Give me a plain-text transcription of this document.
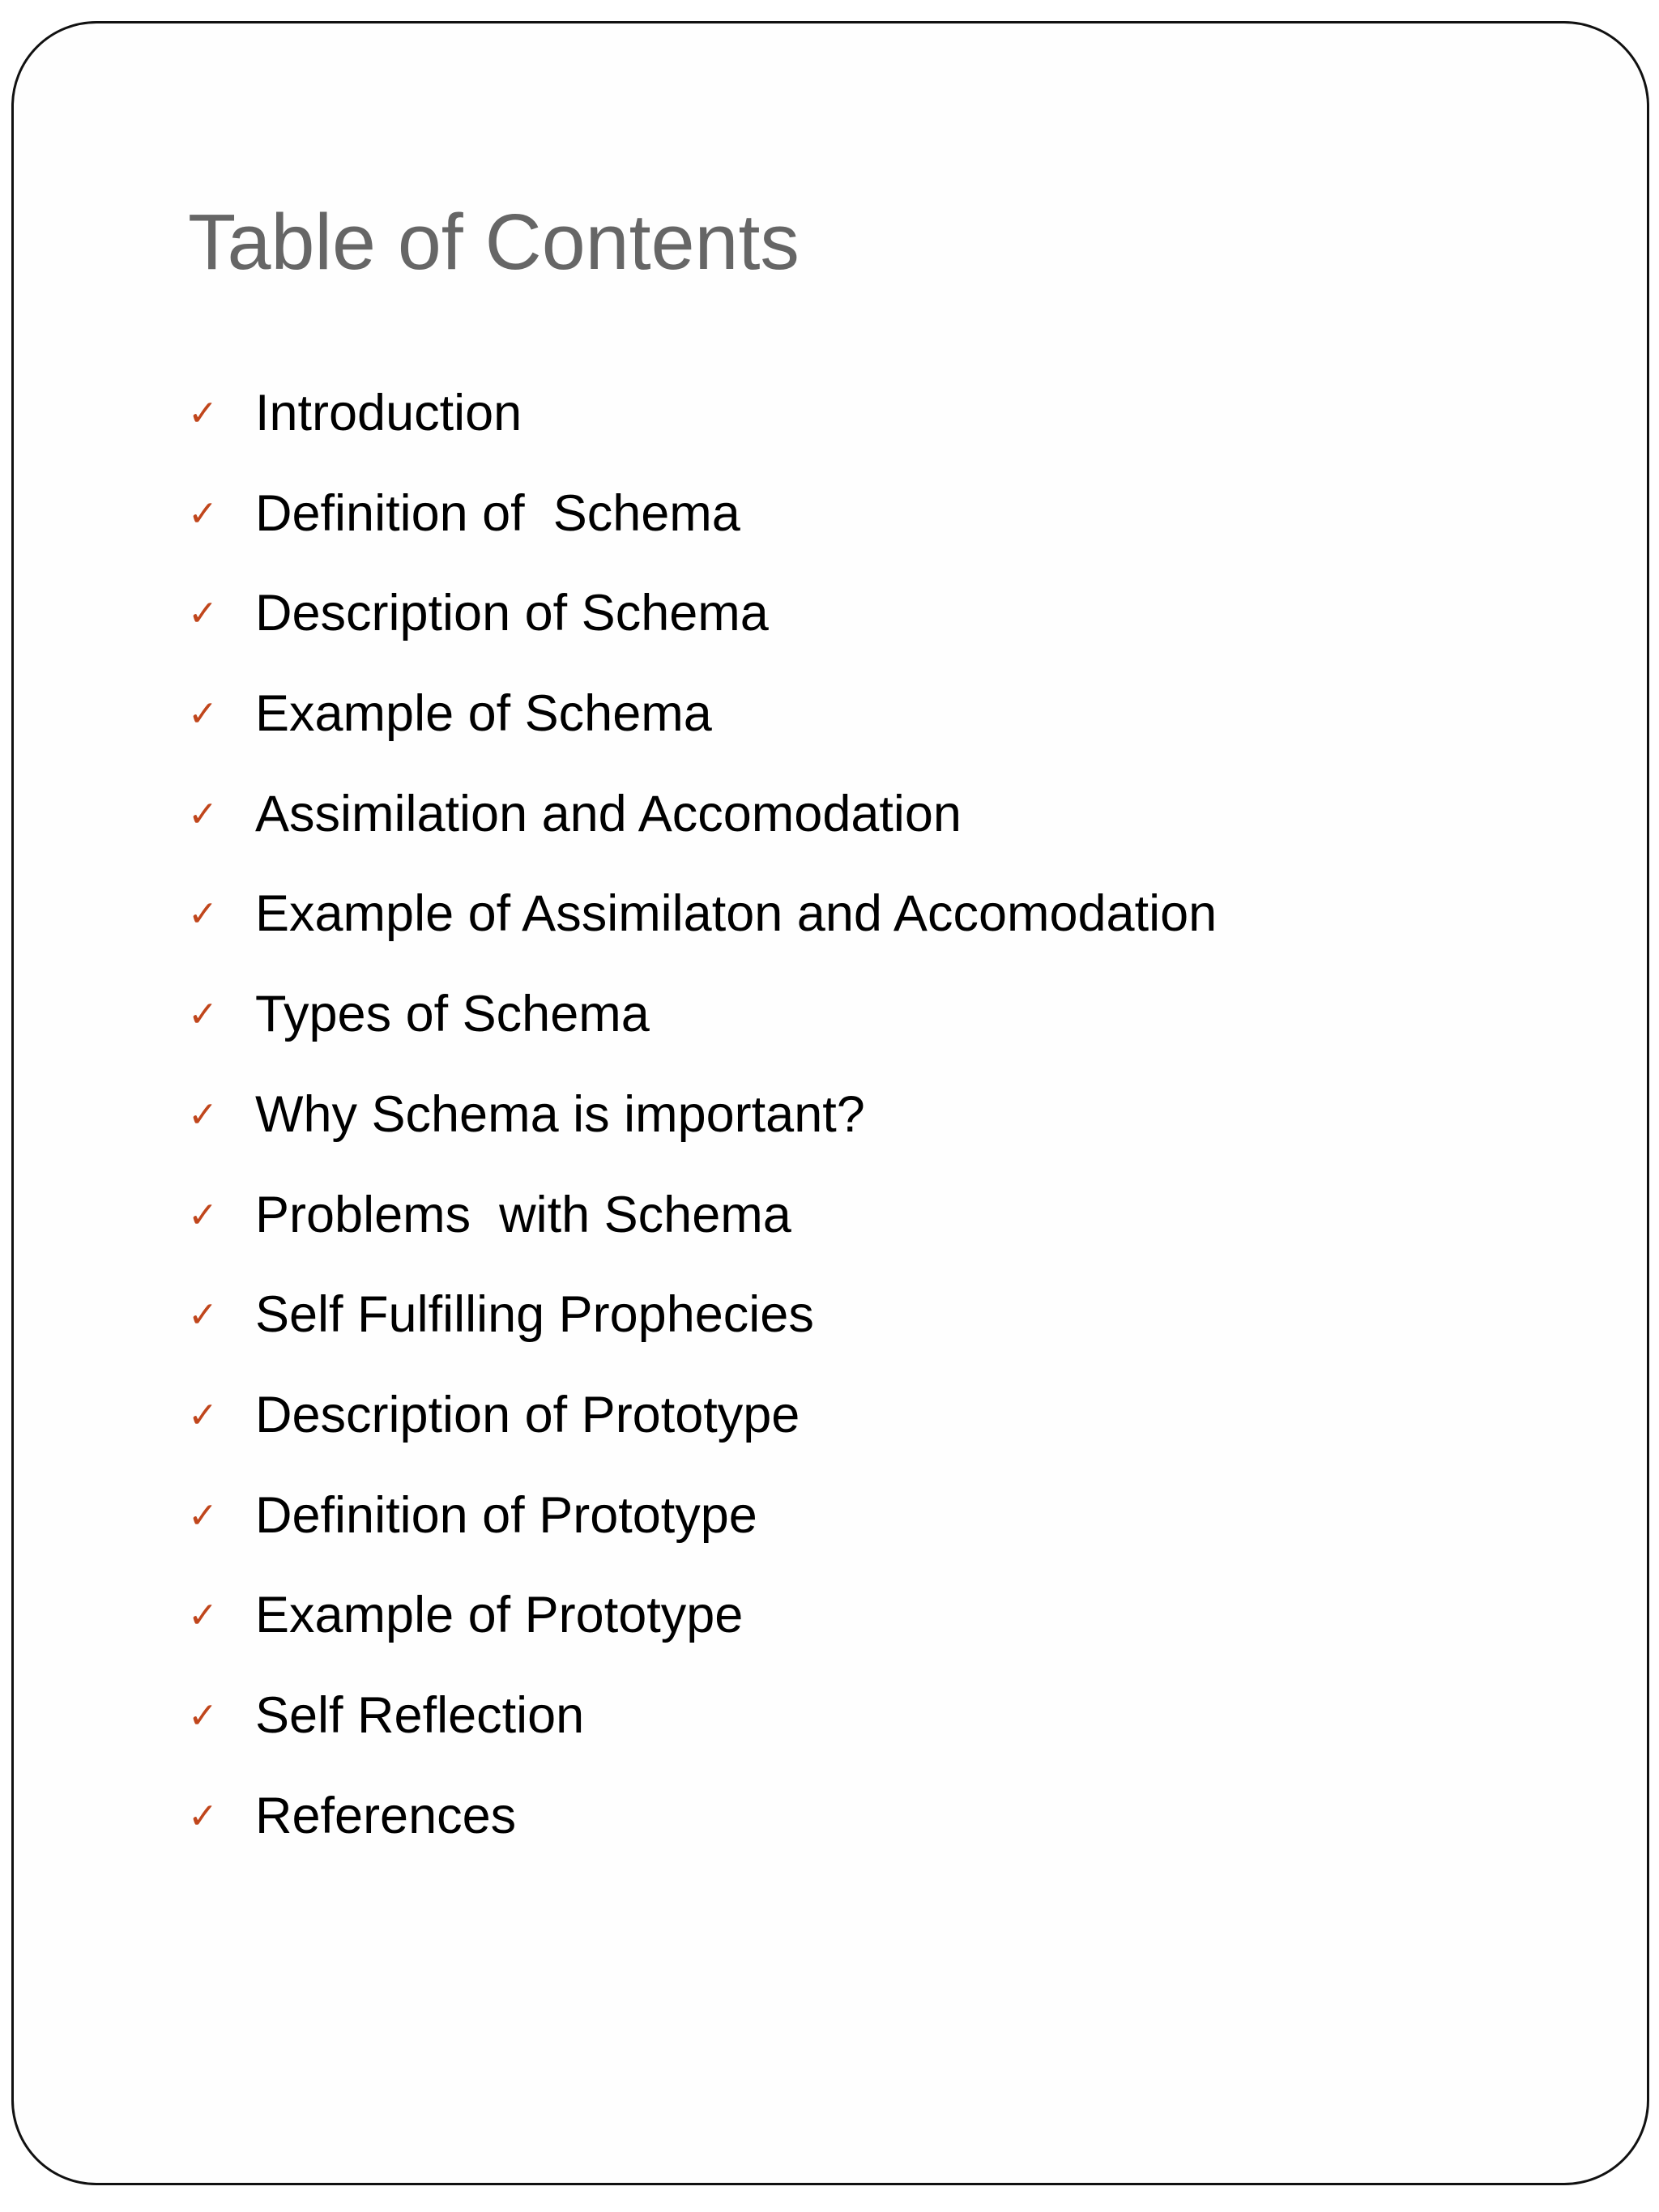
Table of Contents
✓ Introduction
✓ Definition of  Schema
✓ Description of Schema
✓ Example of Schema
✓ Assimilation and Accomodation
✓ Example of Assimilaton and Accomodation
✓ Types of Schema
✓ Why Schema is important?
✓ Problems  with Schema
✓ Self Fulfilling Prophecies
✓ Description of Prototype
✓ Definition of Prototype
✓ Example of Prototype
✓ Self Reflection
✓ References
